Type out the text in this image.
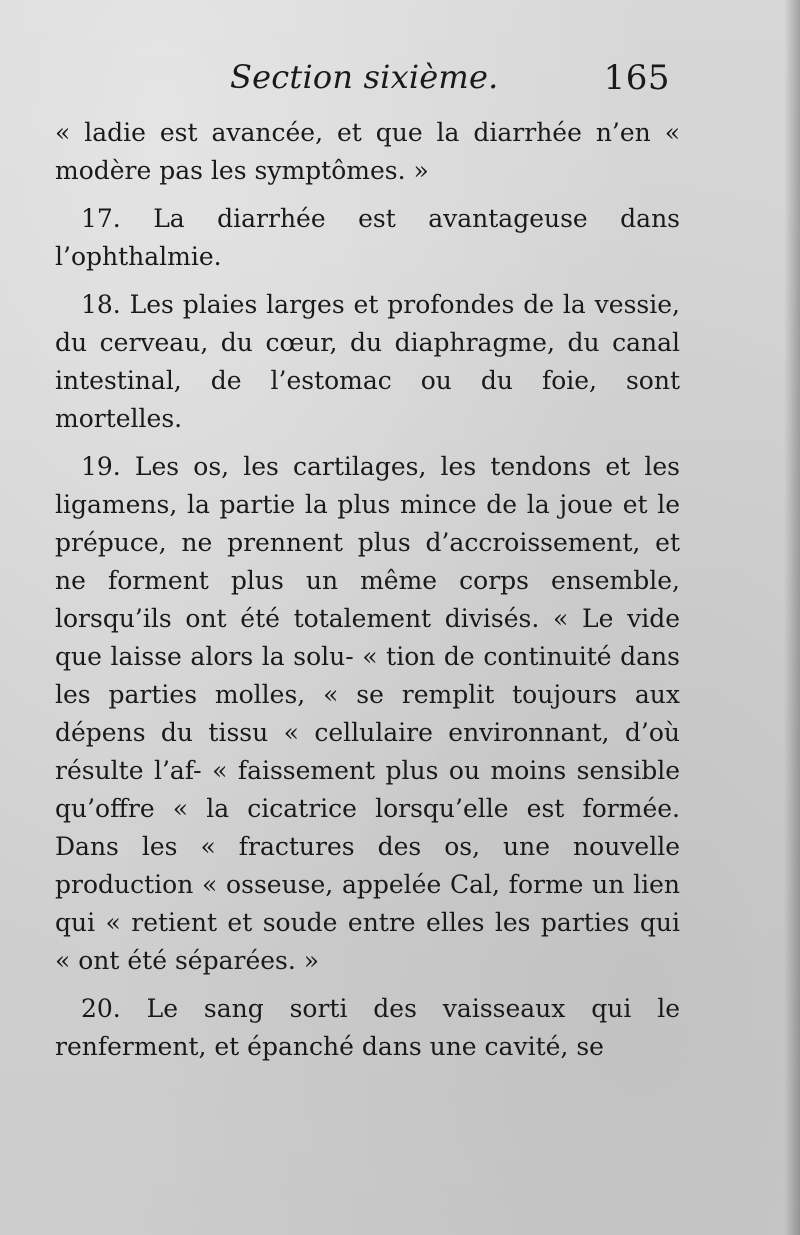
Section sixième.	165

« ladie est avancée, et que la diarrhée n’en « modère pas les symptômes. »

17. La diarrhée est avantageuse dans l’ophthalmie.

18. Les plaies larges et profondes de la vessie, du cerveau, du cœur, du diaphragme, du canal intestinal, de l’estomac ou du foie, sont mortelles.

19. Les os, les cartilages, les tendons et les ligamens, la partie la plus mince de la joue et le prépuce, ne prennent plus d’accroissement, et ne forment plus un même corps ensemble, lorsqu’ils ont été totalement divisés. « Le vide que laisse alors la solu- « tion de continuité dans les parties molles, « se remplit toujours aux dépens du tissu « cellulaire environnant, d’où résulte l’af- « faissement plus ou moins sensible qu’offre « la cicatrice lorsqu’elle est formée. Dans les « fractures des os, une nouvelle production « osseuse, appelée Cal, forme un lien qui « retient et soude entre elles les parties qui « ont été séparées. »

20. Le sang sorti des vaisseaux qui le renferment, et épanché dans une cavité, se
